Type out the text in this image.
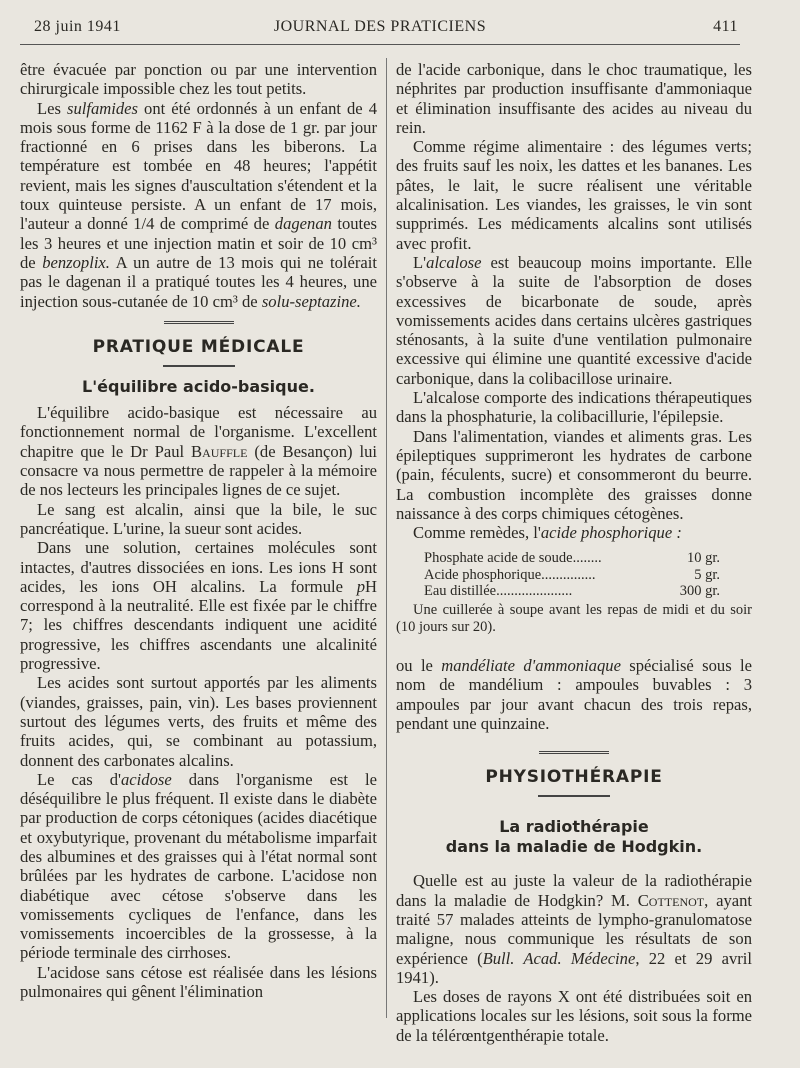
28 juin 1941	JOURNAL DES PRATICIENS	411

être évacuée par ponction ou par une intervention chirurgicale impossible chez les tout petits.

Les sulfamides ont été ordonnés à un enfant de 4 mois sous forme de 1162 F à la dose de 1 gr. par jour fractionné en 6 prises dans les biberons. La température est tombée en 48 heures; l'appétit revient, mais les signes d'auscultation s'étendent et la toux quinteuse persiste. A un enfant de 17 mois, l'auteur a donné 1/4 de comprimé de dagenan toutes les 3 heures et une injection matin et soir de 10 cm³ de benzoplix. A un autre de 13 mois qui ne tolérait pas le dagenan il a pratiqué toutes les 4 heures, une injection sous-cutanée de 10 cm³ de solu-septazine.

PRATIQUE MÉDICALE
L'équilibre acido-basique.

L'équilibre acido-basique est nécessaire au fonctionnement normal de l'organisme. L'excellent chapitre que le Dr Paul Bauffle (de Besançon) lui consacre va nous permettre de rappeler à la mémoire de nos lecteurs les principales lignes de ce sujet.

Le sang est alcalin, ainsi que la bile, le suc pancréatique. L'urine, la sueur sont acides.

Dans une solution, certaines molécules sont intactes, d'autres dissociées en ions. Les ions H sont acides, les ions OH alcalins. La formule pH correspond à la neutralité. Elle est fixée par le chiffre 7; les chiffres descendants indiquent une acidité progressive, les chiffres ascendants une alcalinité progressive.

Les acides sont surtout apportés par les aliments (viandes, graisses, pain, vin). Les bases proviennent surtout des légumes verts, des fruits et même des fruits acides, qui, se combinant au potassium, donnent des carbonates alcalins.

Le cas d'acidose dans l'organisme est le déséquilibre le plus fréquent. Il existe dans le diabète par production de corps cétoniques (acides diacétique et oxybutyrique, provenant du métabolisme imparfait des albumines et des graisses qui à l'état normal sont brûlées par les hydrates de carbone. L'acidose non diabétique avec cétose s'observe dans les vomissements cycliques de l'enfance, dans les vomissements incoercibles de la grossesse, à la période terminale des cirrhoses.

L'acidose sans cétose est réalisée dans les lésions pulmonaires qui gênent l'élimination

de l'acide carbonique, dans le choc traumatique, les néphrites par production insuffisante d'ammoniaque et élimination insuffisante des acides au niveau du rein.

Comme régime alimentaire : des légumes verts; des fruits sauf les noix, les dattes et les bananes. Les pâtes, le lait, le sucre réalisent une véritable alcalinisation. Les viandes, les graisses, le vin sont supprimés. Les médicaments alcalins sont utilisés avec profit.

L'alcalose est beaucoup moins importante. Elle s'observe à la suite de l'absorption de doses excessives de bicarbonate de soude, après vomissements acides dans certains ulcères gastriques sténosants, à la suite d'une ventilation pulmonaire excessive qui élimine une quantité excessive d'acide carbonique, dans la colibacillose urinaire.

L'alcalose comporte des indications thérapeutiques dans la phosphaturie, la colibacillurie, l'épilepsie.

Dans l'alimentation, viandes et aliments gras. Les épileptiques supprimeront les hydrates de carbone (pain, féculents, sucre) et consommeront du beurre. La combustion incomplète des graisses donne naissance à des corps chimiques cétogènes.

Comme remèdes, l'acide phosphorique :

Phosphate acide de soude........	10 gr.
Acide phosphorique...............	5 gr.
Eau distillée.....................	300 gr.
Une cuillerée à soupe avant les repas de midi et du soir (10 jours sur 20).

ou le mandéliate d'ammoniaque spécialisé sous le nom de mandélium : ampoules buvables : 3 ampoules par jour avant chacun des trois repas, pendant une quinzaine.

PHYSIOTHÉRAPIE
La radiothérapie
dans la maladie de Hodgkin.

Quelle est au juste la valeur de la radiothérapie dans la maladie de Hodgkin? M. Cottenot, ayant traité 57 malades atteints de lympho-granulomatose maligne, nous communique les résultats de son expérience (Bull. Acad. Médecine, 22 et 29 avril 1941).

Les doses de rayons X ont été distribuées soit en applications locales sur les lésions, soit sous la forme de la télérœntgenthérapie totale.
